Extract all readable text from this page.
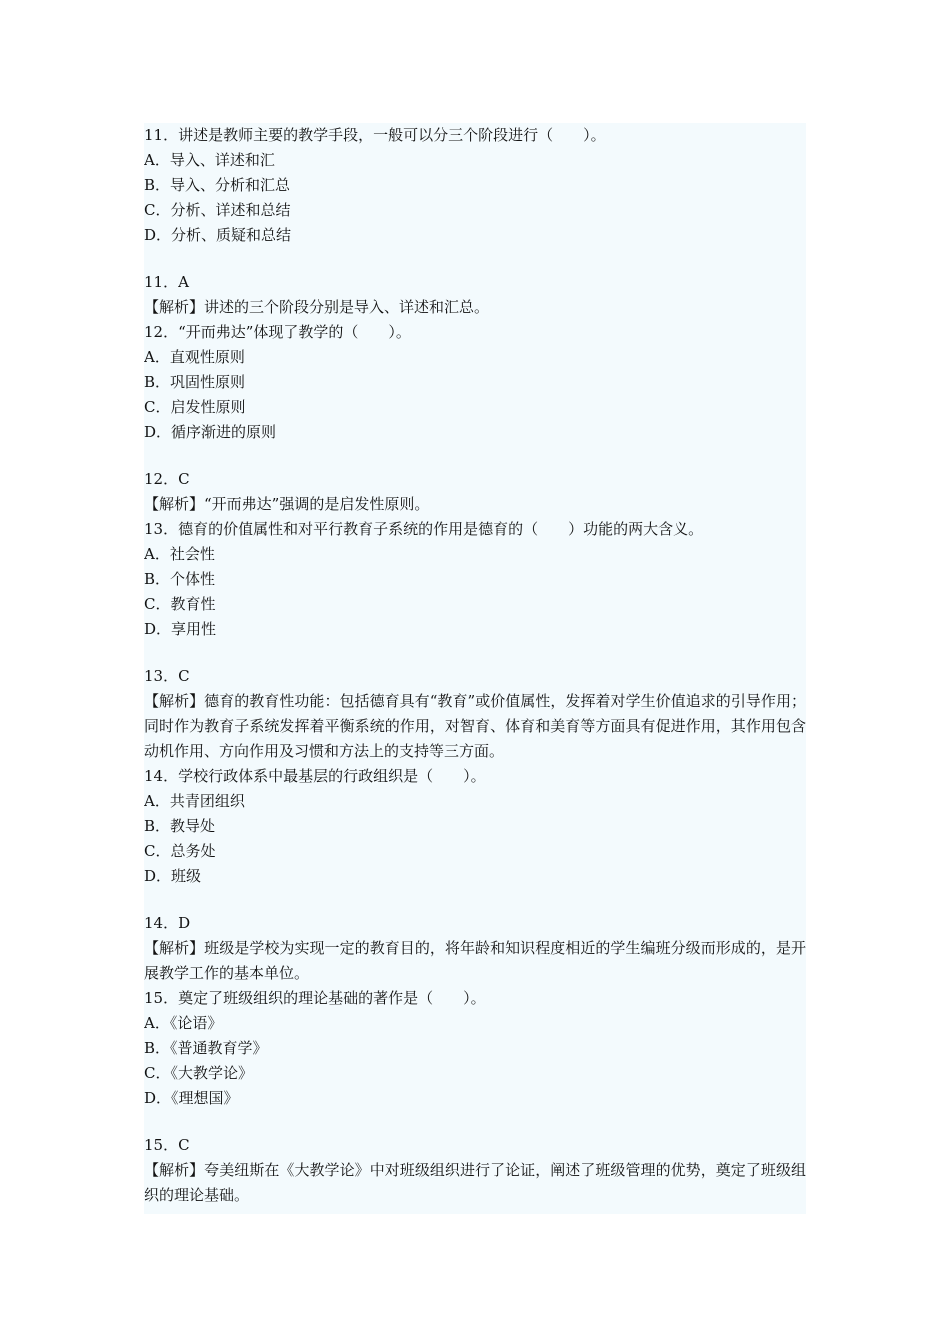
11．讲述是教师主要的教学手段，一般可以分三个阶段进行（　　）。
A．导入、详述和汇
B．导入、分析和汇总
C．分析、详述和总结
D．分析、质疑和总结
11．A
【解析】讲述的三个阶段分别是导入、详述和汇总。
12．“开而弗达”体现了教学的（　　）。
A．直观性原则
B．巩固性原则
C．启发性原则
D．循序渐进的原则
12．C
【解析】“开而弗达”强调的是启发性原则。
13．德育的价值属性和对平行教育子系统的作用是德育的（　　）功能的两大含义。
A．社会性
B．个体性
C．教育性
D．享用性
13．C
【解析】德育的教育性功能：包括德育具有“教育”或价值属性，发挥着对学生价值追求的引导作用；同时作为教育子系统发挥着平衡系统的作用，对智育、体育和美育等方面具有促进作用，其作用包含动机作用、方向作用及习惯和方法上的支持等三方面。
14．学校行政体系中最基层的行政组织是（　　）。
A．共青团组织
B．教导处
C．总务处
D．班级
14．D
【解析】班级是学校为实现一定的教育目的，将年龄和知识程度相近的学生编班分级而形成的，是开展教学工作的基本单位。
15．奠定了班级组织的理论基础的著作是（　　）。
A．《论语》
B．《普通教育学》
C．《大教学论》
D．《理想国》
15．C
【解析】夸美纽斯在《大教学论》中对班级组织进行了论证，阐述了班级管理的优势，奠定了班级组织的理论基础。
